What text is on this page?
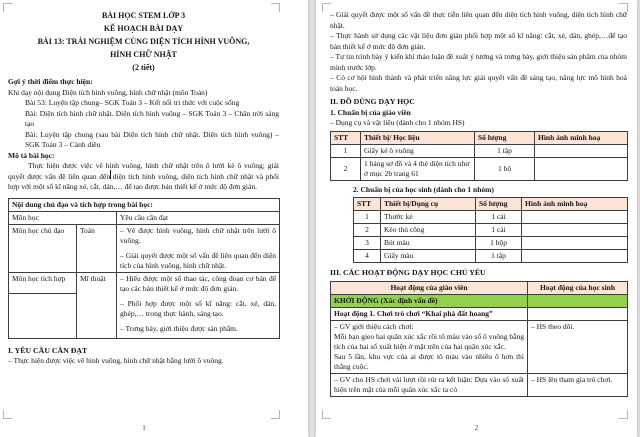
BÀI HỌC STEM LỚP 3
KẾ HOẠCH BÀI DẠY
BÀI 13: TRẢI NGHIỆM CÙNG DIỆN TÍCH HÌNH VUÔNG,
HÌNH CHỮ NHẬT
(2 tiết)

Gợi ý thời điểm thực hiện:

Khi dạy nội dung Diện tích hình vuông, hình chữ nhật (môn Toán)

Bài 53: Luyện tập chung– SGK Toán 3 – Kết nối tri thức với cuộc sống

Bài: Diện tích hình chữ nhật. Diện tích hình vuông – SGK Toán 3 – Chân trời sáng tạo

Bài: Luyện tập chung (sau bài Diện tích hình chữ nhật. Diện tích hình vuông) – SGK Toán 3 – Cánh diều

Mô tả bài học:

Thực hiện được việc vẽ hình vuông, hình chữ nhật trên ô lưới kẻ ô vuông; giải quyết được vấn đề liên quan đến diện tích hình vuông, diện tích hình chữ nhật và phối hợp với một số kĩ năng xé, cắt, dán,… để tạo được bản thiết kế ở mức độ đơn giản.

Nội dung chủ đạo và tích hợp trong bài học:		
Môn học		Yêu cầu cần đạt
Môn học chủ đạo	Toán	– Vẽ được hình vuông, hình chữ nhật trên lưới ô vuông.

– Giải quyết được một số vấn đề liên quan đến diện tích của hình vuông, hình chữ nhật.

Môn học tích hợp	Mĩ thuật	– Hiểu được một số thao tác, công đoạn cơ bản để tạo các bản thiết kế ở mức độ đơn giản.

– Phối hợp được một số kĩ năng: cắt, xé, dán, ghép,… trong thực hành, sáng tạo.

– Trưng bày, giới thiệu được sản phẩm.

I. YÊU CẦU CẦN ĐẠT

– Thực hiện được việc vẽ hình vuông, hình chữ nhật bằng lưới ô vuông.

1

– Giải quyết được một số vấn đề thực tiễn liên quan đến diện tích hình vuông, diện tích hình chữ nhật.

– Thực hành sử dụng các vật liệu đơn giản phối hợp một số kĩ năng: cắt, xé, dán, ghép,…để tạo bản thiết kế ở mức độ đơn giản.

– Tự tin trình bày ý kiến khi thảo luận đề xuất ý tưởng và trưng bày, giới thiệu sản phẩm của nhóm mình trước lớp.

– Có cơ hội hình thành và phát triển năng lực giải quyết vấn đề sáng tạo, năng lực mô hình hoá toán học.

II. ĐỒ DÙNG DẠY HỌC

1. Chuẩn bị của giáo viên

– Dụng cụ và vật liệu (dành cho 1 nhóm HS)

STT	Thiết bị/ Học liệu	Số lượng	Hình ảnh minh hoạ
1	Giấy kẻ ô vuông	1 tập	
2	1 bảng sơ đồ và 4 thẻ diện tích như ở mục 2b trang 61	1 bộ	

2. Chuẩn bị của học sinh (dành cho 1 nhóm)

STT	Thiết bị/Dụng cụ	Số lượng	Hình ảnh minh hoạ
1	Thước kẻ	1 cái	
2	Kéo thủ công	1 cái	
3	Bút màu	1 hộp	
4	Giấy màu	1 tập	

III. CÁC HOẠT ĐỘNG DẠY HỌC CHỦ YẾU

Hoạt động của giáo viên	Hoạt động của học sinh
KHỞI ĐỘNG (Xác định vấn đề)	
Hoạt động 1. Chơi trò chơi “Khai phá đất hoang”	

– GV giới thiệu cách chơi:

Mỗi bạn gieo hai quân xúc xắc rồi tô màu vào số ô vuông bằng tích của hai số xuất hiện ở mặt trên của hai quân xúc xắc.

Sau 5 lần, khu vực của ai được tô màu vào nhiều ô hơn thì thắng cuộc.	– HS theo dõi.
– GV cho HS chơi vài lượt rồi rút ra kết luận: Dựa vào số xuất hiện trên mặt của mỗi quân xúc xắc ta có	– HS lên tham gia trò chơi.
2
